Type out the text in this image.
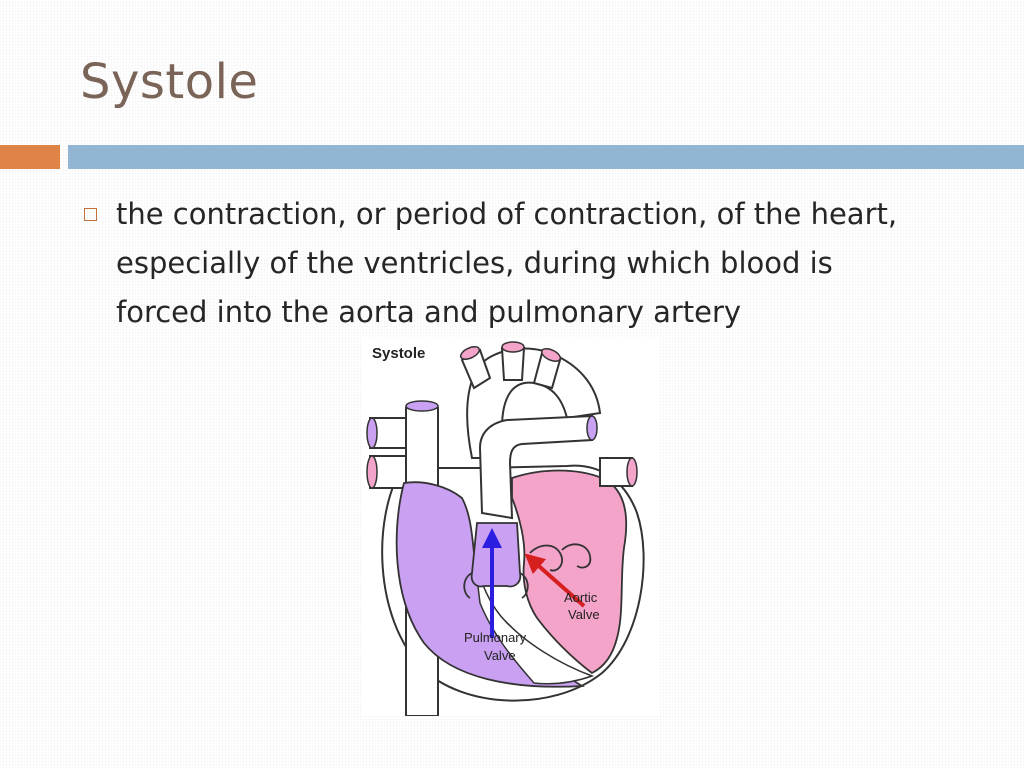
Systole

the contraction, or period of contraction, of the heart, especially of the ventricles, during which blood is forced into the aorta and pulmonary artery

Systole
Aortic
Valve
Pulmonary
Valve
